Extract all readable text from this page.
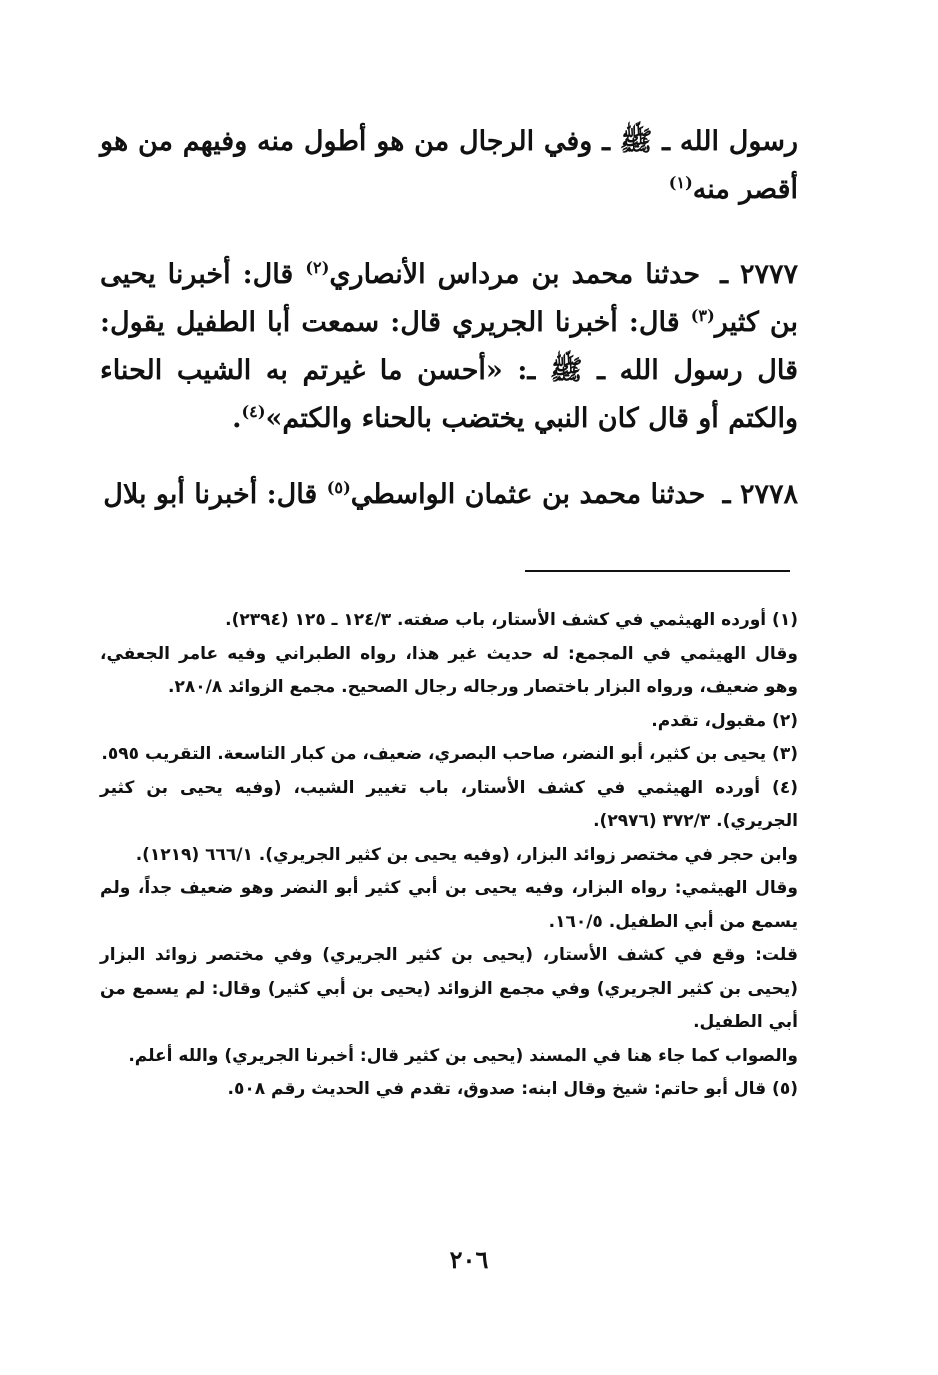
رسول الله ـ ﷺ ـ وفي الرجال من هو أطول منه وفيهم من هو أقصر منه$^{(١)}$

٢٧٧٧ ـ حدثنا محمد بن مرداس الأنصاري$^{(٢)}$ قال: أخبرنا يحيى بن كثير$^{(٣)}$ قال: أخبرنا الجريري قال: سمعت أبا الطفيل يقول: قال رسول الله ـ ﷺ ـ: «أحسن ما غيرتم به الشيب الحناء والكتم أو قال كان النبي يختضب بالحناء والكتم»$^{(٤)}$.

٢٧٧٨ ـ حدثنا محمد بن عثمان الواسطي$^{(٥)}$ قال: أخبرنا أبو بلال

(١) أورده الهيثمي في كشف الأستار، باب صفته. ١٢٤/٣ ـ ١٢٥ (٢٣٩٤).

وقال الهيثمي في المجمع: له حديث غير هذا، رواه الطبراني وفيه عامر الجعفي، وهو ضعيف، ورواه البزار باختصار ورجاله رجال الصحيح. مجمع الزوائد ٢٨٠/٨.

(٢) مقبول، تقدم.

(٣) يحيى بن كثير، أبو النضر، صاحب البصري، ضعيف، من كبار التاسعة. التقريب ٥٩٥.

(٤) أورده الهيثمي في كشف الأستار، باب تغيير الشيب، (وفيه يحيى بن كثير الجريري). ٣٧٢/٣ (٢٩٧٦).

وابن حجر في مختصر زوائد البزار، (وفيه يحيى بن كثير الجريري). ٦٦٦/١ (١٢١٩).

وقال الهيثمي: رواه البزار، وفيه يحيى بن أبي كثير أبو النضر وهو ضعيف جداً، ولم يسمع من أبي الطفيل. ١٦٠/٥.

قلت: وقع في كشف الأستار، (يحيى بن كثير الجريري) وفي مختصر زوائد البزار (يحيى بن كثير الجريري) وفي مجمع الزوائد (يحيى بن أبي كثير) وقال: لم يسمع من أبي الطفيل.

والصواب كما جاء هنا في المسند (يحيى بن كثير قال: أخبرنا الجريري) والله أعلم.

(٥) قال أبو حاتم: شيخ وقال ابنه: صدوق، تقدم في الحديث رقم ٥٠٨.

٢٠٦
